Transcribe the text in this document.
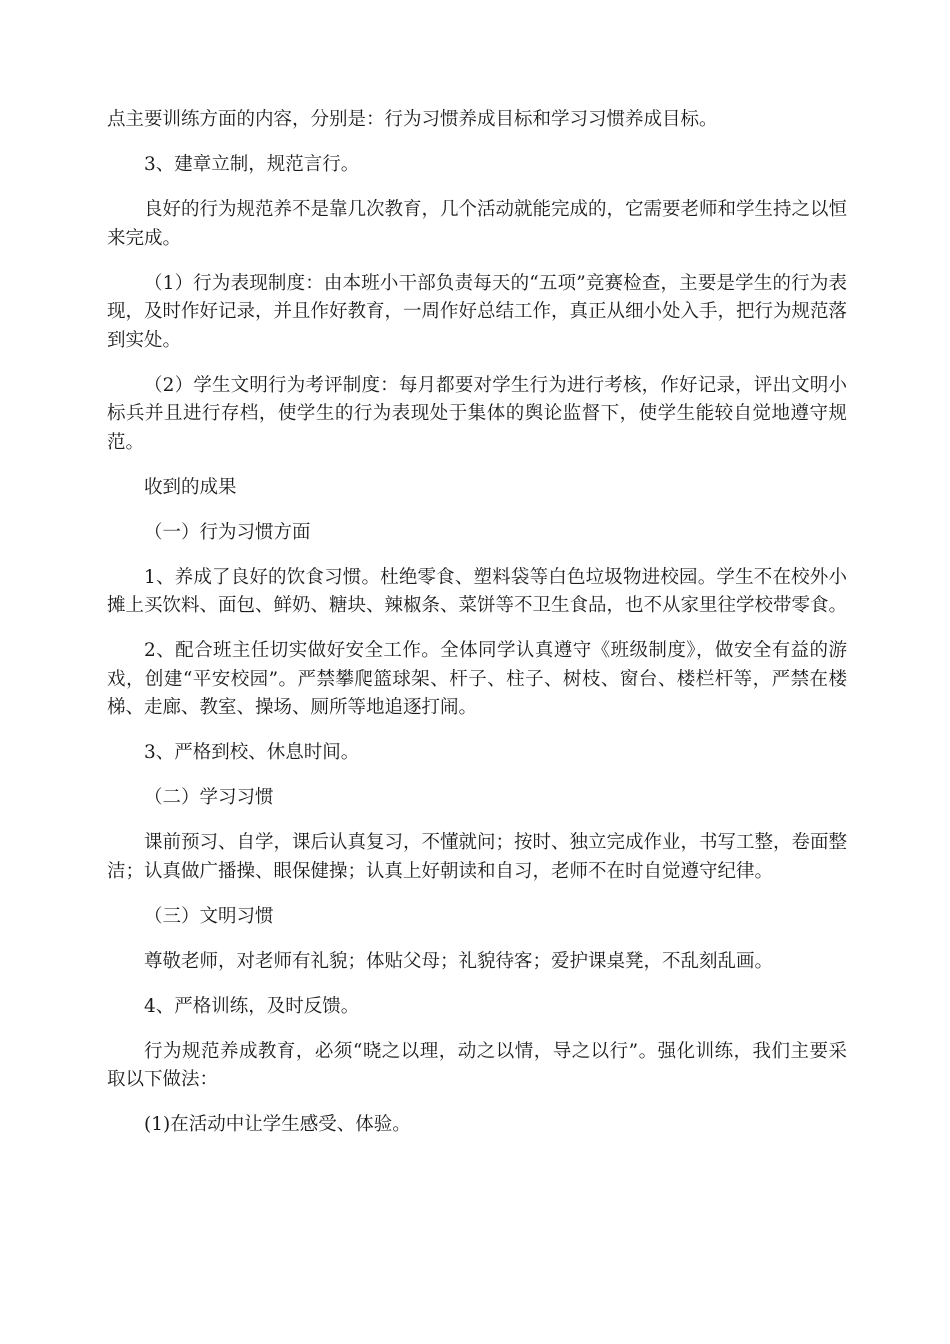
点主要训练方面的内容，分别是：行为习惯养成目标和学习习惯养成目标。

3、建章立制，规范言行。

良好的行为规范养不是靠几次教育，几个活动就能完成的，它需要老师和学生持之以恒来完成。

（1）行为表现制度：由本班小干部负责每天的“五项”竞赛检查，主要是学生的行为表现，及时作好记录，并且作好教育，一周作好总结工作，真正从细小处入手，把行为规范落到实处。

（2）学生文明行为考评制度：每月都要对学生行为进行考核，作好记录，评出文明小标兵并且进行存档，使学生的行为表现处于集体的舆论监督下，使学生能较自觉地遵守规范。

收到的成果

（一）行为习惯方面

1、养成了良好的饮食习惯。杜绝零食、塑料袋等白色垃圾物进校园。学生不在校外小摊上买饮料、面包、鲜奶、糖块、辣椒条、菜饼等不卫生食品，也不从家里往学校带零食。

2、配合班主任切实做好安全工作。全体同学认真遵守《班级制度》，做安全有益的游戏，创建“平安校园”。严禁攀爬篮球架、杆子、柱子、树枝、窗台、楼栏杆等，严禁在楼梯、走廊、教室、操场、厕所等地追逐打闹。

3、严格到校、休息时间。

（二）学习习惯

课前预习、自学，课后认真复习，不懂就问；按时、独立完成作业，书写工整，卷面整洁；认真做广播操、眼保健操；认真上好朝读和自习，老师不在时自觉遵守纪律。

（三）文明习惯

尊敬老师，对老师有礼貌；体贴父母；礼貌待客；爱护课桌凳，不乱刻乱画。

4、严格训练，及时反馈。

行为规范养成教育，必须“晓之以理，动之以情，导之以行”。强化训练，我们主要采取以下做法：

(1)在活动中让学生感受、体验。
